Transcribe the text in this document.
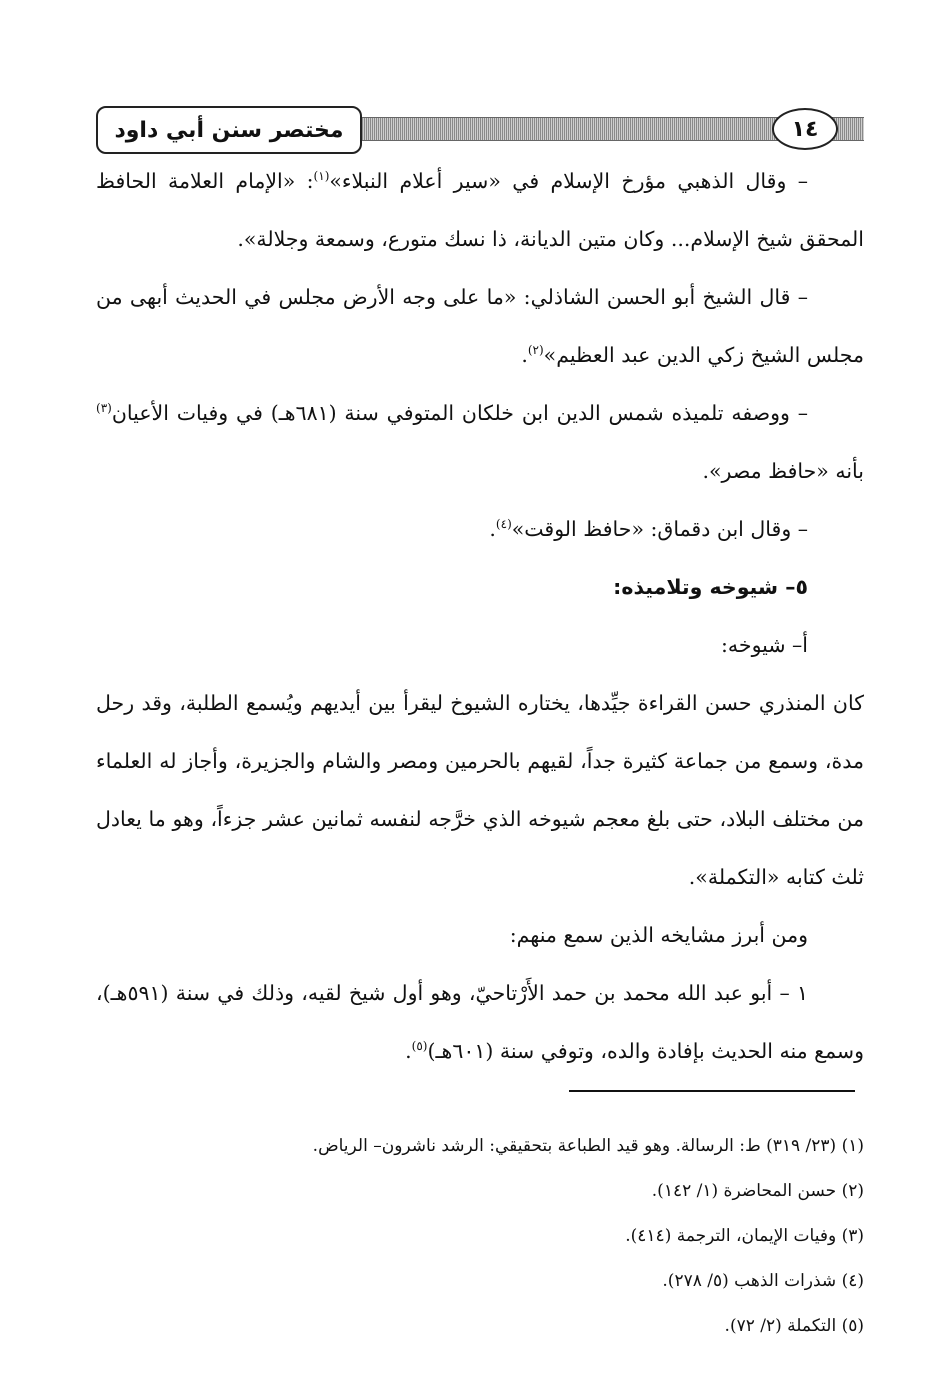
١٤
مختصر سنن أبي داود

– وقال الذهبي مؤرخ الإسلام في «سير أعلام النبلاء»$^{(١)}$: «الإمام العلامة الحافظ المحقق شيخ الإسلام... وكان متين الديانة، ذا نسك متورع، وسمعة وجلالة».

– قال الشيخ أبو الحسن الشاذلي: «ما على وجه الأرض مجلس في الحديث أبهى من مجلس الشيخ زكي الدين عبد العظيم»$^{(٢)}$.

– ووصفه تلميذه شمس الدين ابن خلكان المتوفي سنة (٦٨١هـ) في وفيات الأعيان$^{(٣)}$ بأنه «حافظ مصر».

– وقال ابن دقماق: «حافظ الوقت»$^{(٤)}$.

٥– شيوخه وتلاميذه:

أ– شيوخه:

كان المنذري حسن القراءة جيِّدها، يختاره الشيوخ ليقرأ بين أيديهم ويُسمع الطلبة، وقد رحل مدة، وسمع من جماعة كثيرة جداً، لقيهم بالحرمين ومصر والشام والجزيرة، وأجاز له العلماء من مختلف البلاد، حتى بلغ معجم شيوخه الذي خرَّجه لنفسه ثمانين عشر جزءاً، وهو ما يعادل ثلث كتابه «التكملة».

ومن أبرز مشايخه الذين سمع منهم:

١ – أبو عبد الله محمد بن حمد الأَرْتاحيّ، وهو أول شيخ لقيه، وذلك في سنة (٥٩١هـ)، وسمع منه الحديث بإفادة والده، وتوفي سنة (٦٠١هـ)$^{(٥)}$.

(١) (٢٣/ ٣١٩) ط: الرسالة. وهو قيد الطباعة بتحقيقي: الرشد ناشرون– الرياض.

(٢) حسن المحاضرة (١/ ١٤٢).

(٣) وفيات الإيمان، الترجمة (٤١٤).

(٤) شذرات الذهب (٥/ ٢٧٨).

(٥) التكملة (٢/ ٧٢).
